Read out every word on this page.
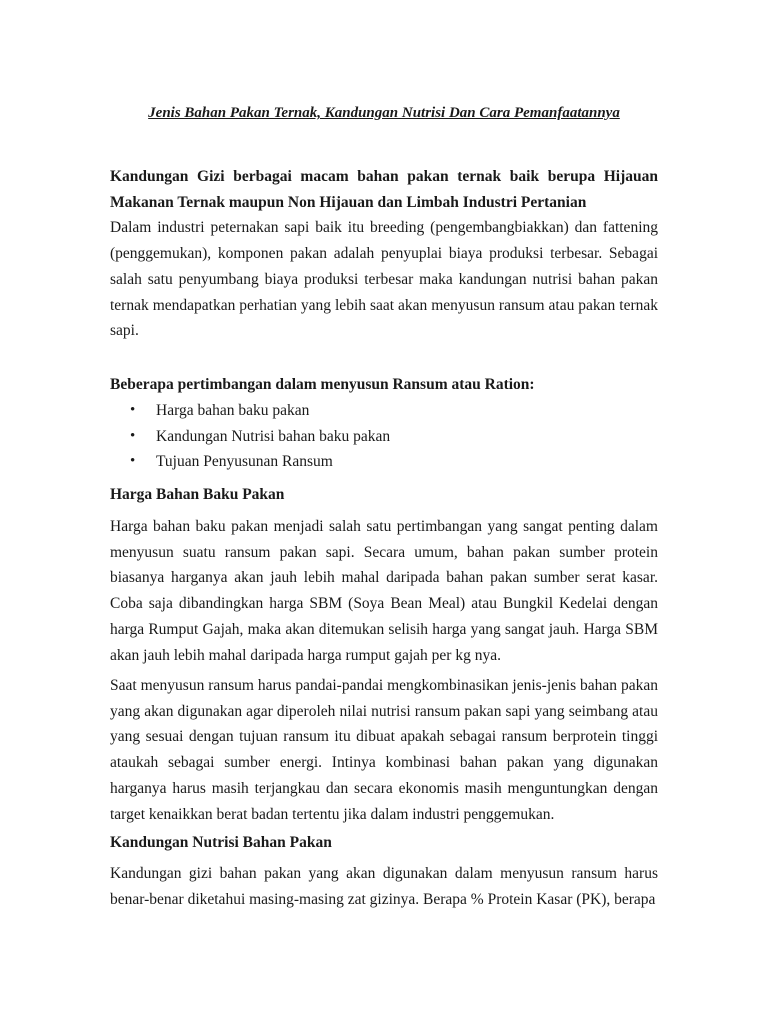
Jenis Bahan Pakan Ternak, Kandungan Nutrisi Dan Cara Pemanfaatannya
Kandungan Gizi berbagai macam bahan pakan ternak baik berupa Hijauan Makanan Ternak maupun Non Hijauan dan Limbah Industri Pertanian
Dalam industri peternakan sapi baik itu breeding (pengembangbiakkan) dan fattening (penggemukan), komponen pakan adalah penyuplai biaya produksi terbesar. Sebagai salah satu penyumbang biaya produksi terbesar maka kandungan nutrisi bahan pakan ternak mendapatkan perhatian yang lebih saat akan menyusun ransum atau pakan ternak sapi.
Beberapa pertimbangan dalam menyusun Ransum atau Ration:
• Harga bahan baku pakan
• Kandungan Nutrisi bahan baku pakan
• Tujuan Penyusunan Ransum
Harga Bahan Baku Pakan

Harga bahan baku pakan menjadi salah satu pertimbangan yang sangat penting dalam menyusun suatu ransum pakan sapi. Secara umum, bahan pakan sumber protein biasanya harganya akan jauh lebih mahal daripada bahan pakan sumber serat kasar. Coba saja dibandingkan harga SBM (Soya Bean Meal) atau Bungkil Kedelai dengan harga Rumput Gajah, maka akan ditemukan selisih harga yang sangat jauh. Harga SBM akan jauh lebih mahal daripada harga rumput gajah per kg nya.

Saat menyusun ransum harus pandai-pandai mengkombinasikan jenis-jenis bahan pakan yang akan digunakan agar diperoleh nilai nutrisi ransum pakan sapi yang seimbang atau yang sesuai dengan tujuan ransum itu dibuat apakah sebagai ransum berprotein tinggi ataukah sebagai sumber energi. Intinya kombinasi bahan pakan yang digunakan harganya harus masih terjangkau dan secara ekonomis masih menguntungkan dengan target kenaikkan berat badan tertentu jika dalam industri penggemukan.

Kandungan Nutrisi Bahan Pakan

Kandungan gizi bahan pakan yang akan digunakan dalam menyusun ransum harus benar-benar diketahui masing-masing zat gizinya. Berapa % Protein Kasar (PK), berapa
